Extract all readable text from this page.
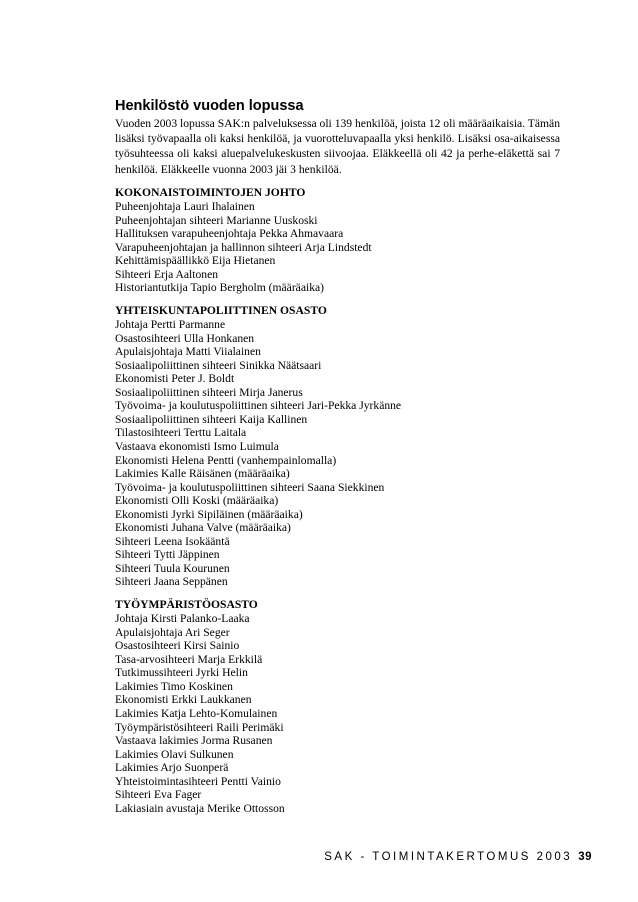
Henkilöstö vuoden lopussa

Vuoden 2003 lopussa SAK:n palveluksessa oli 139 henkilöä, joista 12 oli määräaikaisia. Tämän lisäksi työvapaalla oli kaksi henkilöä, ja vuorotteluvapaalla yksi henkilö. Lisäksi osa-aikaisessa työsuhteessa oli kaksi aluepalvelukeskusten siivoojaa. Eläkkeellä oli 42 ja perhe-eläkettä sai 7 henkilöä. Eläkkeelle vuonna 2003 jäi 3 henkilöä.

KOKONAISTOIMINTOJEN JOHTO
Puheenjohtaja Lauri Ihalainen
Puheenjohtajan sihteeri Marianne Uuskoski
Hallituksen varapuheenjohtaja Pekka Ahmavaara
Varapuheenjohtajan ja hallinnon sihteeri Arja Lindstedt
Kehittämispäällikkö Eija Hietanen
Sihteeri Erja Aaltonen
Historiantutkija Tapio Bergholm (määräaika)
YHTEISKUNTAPOLIITTINEN OSASTO
Johtaja Pertti Parmanne
Osastosihteeri Ulla Honkanen
Apulaisjohtaja Matti Viialainen
Sosiaalipoliittinen sihteeri Sinikka Näätsaari
Ekonomisti Peter J. Boldt
Sosiaalipoliittinen sihteeri Mirja Janerus
Työvoima- ja koulutuspoliittinen sihteeri Jari-Pekka Jyrkänne
Sosiaalipoliittinen sihteeri Kaija Kallinen
Tilastosihteeri Terttu Laitala
Vastaava ekonomisti Ismo Luimula
Ekonomisti Helena Pentti (vanhempainlomalla)
Lakimies Kalle Räisänen (määräaika)
Työvoima- ja koulutuspoliittinen sihteeri Saana Siekkinen
Ekonomisti Olli Koski (määräaika)
Ekonomisti Jyrki Sipiläinen (määräaika)
Ekonomisti Juhana Valve (määräaika)
Sihteeri Leena Isokääntä
Sihteeri Tytti Jäppinen
Sihteeri Tuula Kourunen
Sihteeri Jaana Seppänen
TYÖYMPÄRISTÖOSASTO
Johtaja Kirsti Palanko-Laaka
Apulaisjohtaja Ari Seger
Osastosihteeri Kirsi Sainio
Tasa-arvosihteeri Marja Erkkilä
Tutkimussihteeri Jyrki Helin
Lakimies Timo Koskinen
Ekonomisti Erkki Laukkanen
Lakimies Katja Lehto-Komulainen
Työympäristösihteeri Raili Perimäki
Vastaava lakimies Jorma Rusanen
Lakimies Olavi Sulkunen
Lakimies Arjo Suonperä
Yhteistoimintasihteeri Pentti Vainio
Sihteeri Eva Fager
Lakiasiain avustaja Merike Ottosson
SAK - TOIMINTAKERTOMUS 2003 39
